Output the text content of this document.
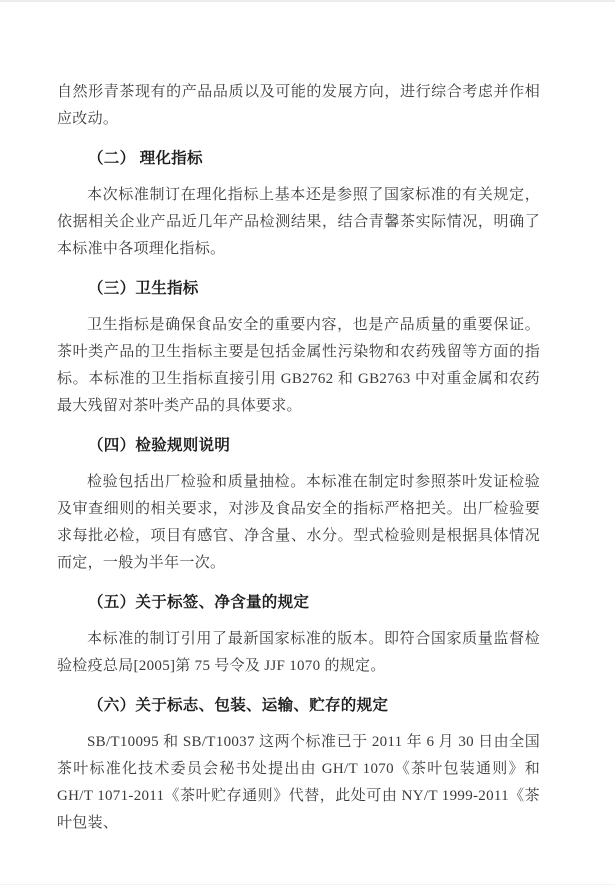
自然形青茶现有的产品品质以及可能的发展方向，进行综合考虑并作相应改动。

（二） 理化指标

本次标准制订在理化指标上基本还是参照了国家标准的有关规定，依据相关企业产品近几年产品检测结果，结合青馨茶实际情况，明确了本标准中各项理化指标。

（三）卫生指标

卫生指标是确保食品安全的重要内容，也是产品质量的重要保证。茶叶类产品的卫生指标主要是包括金属性污染物和农药残留等方面的指标。本标准的卫生指标直接引用 GB2762 和 GB2763 中对重金属和农药最大残留对茶叶类产品的具体要求。

（四）检验规则说明

检验包括出厂检验和质量抽检。本标准在制定时参照茶叶发证检验及审查细则的相关要求，对涉及食品安全的指标严格把关。出厂检验要求每批必检，项目有感官、净含量、水分。型式检验则是根据具体情况而定，一般为半年一次。

（五）关于标签、净含量的规定

本标准的制订引用了最新国家标准的版本。即符合国家质量监督检验检疫总局[2005]第 75 号令及 JJF 1070 的规定。

（六）关于标志、包装、运输、贮存的规定

SB/T10095 和 SB/T10037 这两个标准已于 2011 年 6 月 30 日由全国茶叶标准化技术委员会秘书处提出由 GH/T 1070《茶叶包装通则》和 GH/T 1071-2011《茶叶贮存通则》代替，此处可由 NY/T 1999-2011《茶叶包装、
